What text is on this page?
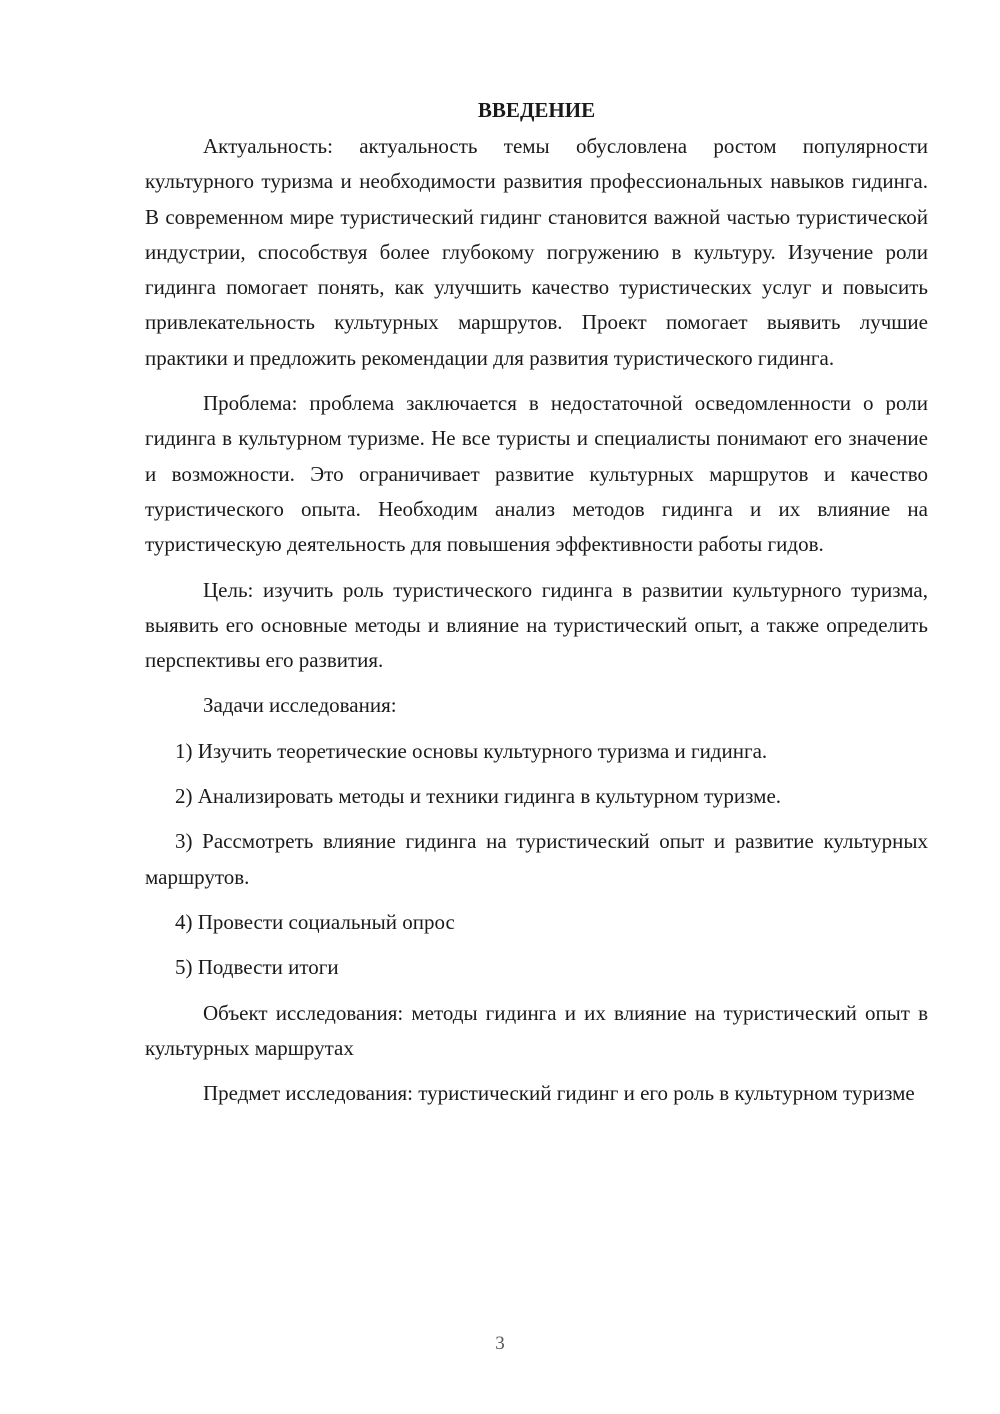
ВВЕДЕНИЕ

Актуальность: актуальность темы обусловлена ростом популярности культурного туризма и необходимости развития профессиональных навыков гидинга. В современном мире туристический гидинг становится важной частью туристической индустрии, способствуя более глубокому погружению в культуру. Изучение роли гидинга помогает понять, как улучшить качество туристических услуг и повысить привлекательность культурных маршрутов. Проект помогает выявить лучшие практики и предложить рекомендации для развития туристического гидинга.

Проблема: проблема заключается в недостаточной осведомленности о роли гидинга в культурном туризме. Не все туристы и специалисты понимают его значение и возможности. Это ограничивает развитие культурных маршрутов и качество туристического опыта. Необходим анализ методов гидинга и их влияние на туристическую деятельность для повышения эффективности работы гидов.

Цель: изучить роль туристического гидинга в развитии культурного туризма, выявить его основные методы и влияние на туристический опыт, а также определить перспективы его развития.

Задачи исследования:

1) Изучить теоретические основы культурного туризма и гидинга.

2) Анализировать методы и техники гидинга в культурном туризме.

3) Рассмотреть влияние гидинга на туристический опыт и развитие культурных маршрутов.

4) Провести социальный опрос

5) Подвести итоги

Объект исследования: методы гидинга и их влияние на туристический опыт в культурных маршрутах

Предмет исследования: туристический гидинг и его роль в культурном туризме

3
